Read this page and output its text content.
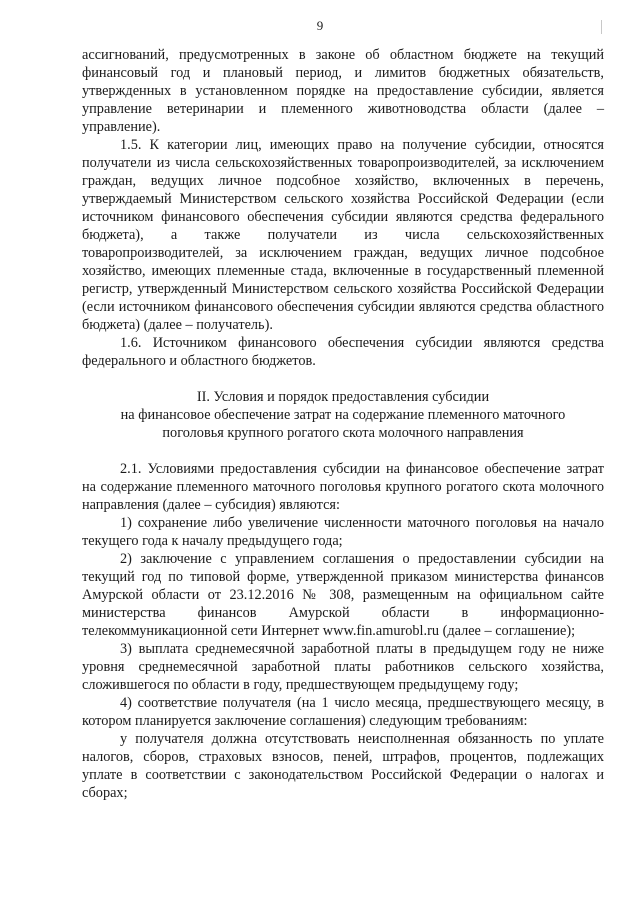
9

ассигнований, предусмотренных в законе об областном бюджете на текущий финансовый год и плановый период, и лимитов бюджетных обязательств, утвержденных в установленном порядке на предоставление субсидии, является управление ветеринарии и племенного животноводства области (далее – управление).

1.5. К категории лиц, имеющих право на получение субсидии, относятся получатели из числа сельскохозяйственных товаропроизводителей, за исключением граждан, ведущих личное подсобное хозяйство, включенных в перечень, утверждаемый Министерством сельского хозяйства Российской Федерации (если источником финансового обеспечения субсидии являются средства федерального бюджета), а также получатели из числа сельскохозяйственных товаропроизводителей, за исключением граждан, ведущих личное подсобное хозяйство, имеющих племенные стада, включенные в государственный племенной регистр, утвержденный Министерством сельского хозяйства Российской Федерации (если источником финансового обеспечения субсидии являются средства областного бюджета) (далее – получатель).

1.6. Источником финансового обеспечения субсидии являются средства федерального и областного бюджетов.

II. Условия и порядок предоставления субсидии

на финансовое обеспечение затрат на содержание племенного маточного

поголовья крупного рогатого скота молочного направления

2.1. Условиями предоставления субсидии на финансовое обеспечение затрат на содержание племенного маточного поголовья крупного рогатого скота молочного направления (далее – субсидия) являются:

1) сохранение либо увеличение численности маточного поголовья на начало текущего года к началу предыдущего года;

2) заключение с управлением соглашения о предоставлении субсидии на текущий год по типовой форме, утвержденной приказом министерства финансов Амурской области от 23.12.2016 № 308, размещенным на официальном сайте министерства финансов Амурской области в информационно-телекоммуникационной сети Интернет www.fin.amurobl.ru (далее – соглашение);

3) выплата среднемесячной заработной платы в предыдущем году не ниже уровня среднемесячной заработной платы работников сельского хозяйства, сложившегося по области в году, предшествующем предыдущему году;

4) соответствие получателя (на 1 число месяца, предшествующего месяцу, в котором планируется заключение соглашения) следующим требованиям:

у получателя должна отсутствовать неисполненная обязанность по уплате налогов, сборов, страховых взносов, пеней, штрафов, процентов, подлежащих уплате в соответствии с законодательством Российской Федерации о налогах и сборах;
